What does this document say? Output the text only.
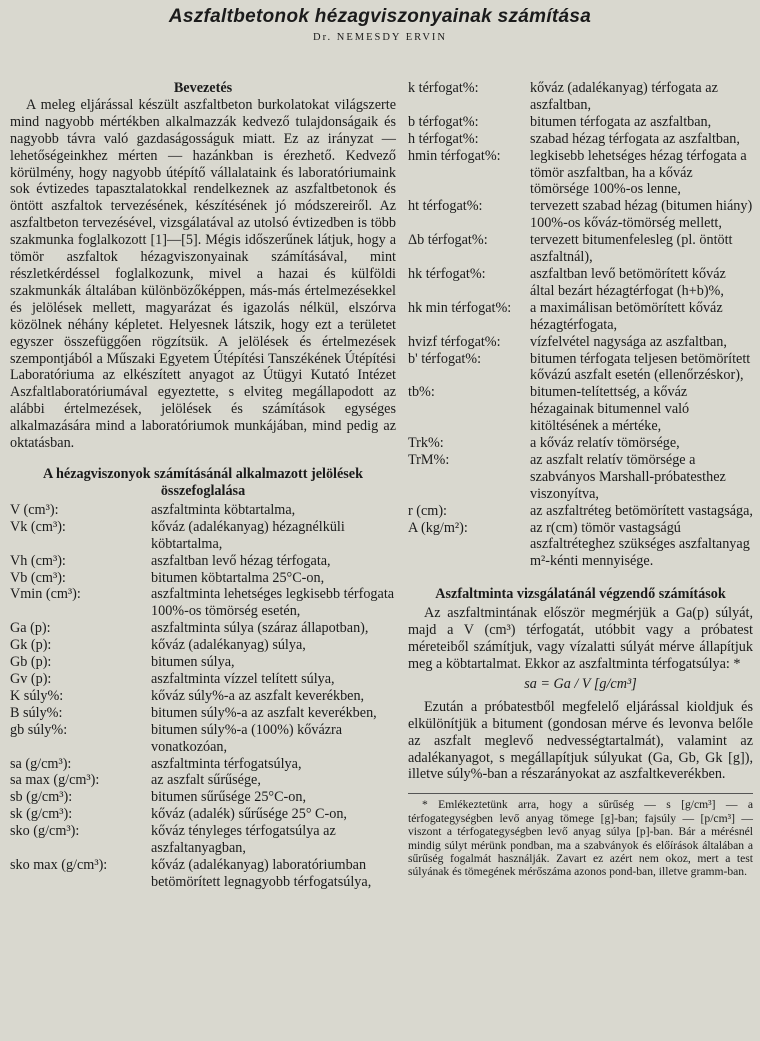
Aszfaltbetonok hézagviszonyainak számítása
Dr. NEMESDY ERVIN
Bevezetés

A meleg eljárással készült aszfaltbeton burkolatokat világszerte mind nagyobb mértékben alkalmazzák kedvező tulajdonságaik és nagyobb távra való gazdaságosságuk miatt. Ez az irányzat — lehetőségeinkhez mérten — hazánkban is érezhető. Kedvező körülmény, hogy nagyobb útépítő vállalataink és laboratóriumaink sok évtizedes tapasztalatokkal rendelkeznek az aszfaltbetonok és öntött aszfaltok tervezésének, készítésének jó módszereiről. Az aszfaltbeton tervezésével, vizsgálatával az utolsó évtizedben is több szakmunka foglalkozott [1]—[5]. Mégis időszerűnek látjuk, hogy a tömör aszfaltok hézagviszonyainak számításával, mint részletkérdéssel foglalkozunk, mivel a hazai és külföldi szakmunkák általában különbözőképpen, más-más értelmezésekkel és jelölések mellett, magyarázat és igazolás nélkül, elszórva közölnek néhány képletet. Helyesnek látszik, hogy ezt a területet egyszer összefüggően rögzítsük. A jelölések és értelmezések szempontjából a Műszaki Egyetem Útépítési Tanszékének Útépítési Laboratóriuma az elkészített anyagot az Útügyi Kutató Intézet Aszfaltlaboratóriumával egyeztette, s elviteg megállapodott az alábbi értelmezések, jelölések és számítások egységes alkalmazására mind a laboratóriumok munkájában, mind pedig az oktatásban.

A hézagviszonyok számításánál alkalmazott jelölések összefoglalása
V (cm³):	aszfaltminta köbtartalma,
Vk (cm³):	kőváz (adalékanyag) hézagnélküli köbtartalma,
Vh (cm³):	aszfaltban levő hézag térfogata,
Vb (cm³):	bitumen köbtartalma 25°C-on,
Vmin (cm³):	aszfaltminta lehetséges legkisebb térfogata 100%-os tömörség esetén,
Ga (p):	aszfaltminta súlya (száraz állapotban),
Gk (p):	kőváz (adalékanyag) súlya,
Gb (p):	bitumen súlya,
Gv (p):	aszfaltminta vízzel telített súlya,
K súly%:	kőváz súly%-a az aszfalt keverékben,
B súly%:	bitumen súly%-a az aszfalt keverékben,
gb súly%:	bitumen súly%-a (100%) kővázra vonatkozóan,
sa (g/cm³):	aszfaltminta térfogatsúlya,
sa max (g/cm³):	az aszfalt sűrűsége,
sb (g/cm³):	bitumen sűrűsége 25°C-on,
sk (g/cm³):	kőváz (adalék) sűrűsége 25° C-on,
sko (g/cm³):	kőváz tényleges térfogatsúlya az aszfaltanyagban,
sko max (g/cm³):	kőváz (adalékanyag) laboratóriumban betömörített legnagyobb térfogatsúlya,
k térfogat%:	kőváz (adalékanyag) térfogata az aszfaltban,
b térfogat%:	bitumen térfogata az aszfaltban,
h térfogat%:	szabad hézag térfogata az aszfaltban,
hmin térfogat%:	legkisebb lehetséges hézag térfogata a tömör aszfaltban, ha a kőváz tömörsége 100%-os lenne,
ht térfogat%:	tervezett szabad hézag (bitumen hiány) 100%-os kőváz-tömörség mellett,
Δb térfogat%:	tervezett bitumenfelesleg (pl. öntött aszfaltnál),
hk térfogat%:	aszfaltban levő betömörített kőváz által bezárt hézagtérfogat (h+b)%,
hk min térfogat%:	a maximálisan betömörített kőváz hézagtérfogata,
hvizf térfogat%:	vízfelvétel nagysága az aszfaltban,
b' térfogat%:	bitumen térfogata teljesen betömörített kővázú aszfalt esetén (ellenőrzéskor),
tb%:	bitumen-telítettség, a kőváz hézagainak bitumennel való kitöltésének a mértéke,
Trk%:	a kőváz relatív tömörsége,
TrM%:	az aszfalt relatív tömörsége a szabványos Marshall-próbatesthez viszonyítva,
r (cm):	az aszfaltréteg betömörített vastagsága,
A (kg/m²):	az r(cm) tömör vastagságú aszfaltréteghez szükséges aszfaltanyag m²-kénti mennyisége.
Aszfaltminta vizsgálatánál végzendő számítások

Az aszfaltmintának először megmérjük a Ga(p) súlyát, majd a V (cm³) térfogatát, utóbbit vagy a próbatest méreteiből számítjuk, vagy vízalatti súlyát mérve állapítjuk meg a köbtartalmat. Ekkor az aszfaltminta térfogatsúlya: *

sa = Ga / V [g/cm³]

Ezután a próbatestből megfelelő eljárással kioldjuk és elkülönítjük a bitument (gondosan mérve és levonva belőle az aszfalt meglevő nedvességtartalmát), valamint az adalékanyagot, s megállapítjuk súlyukat (Ga, Gb, Gk [g]), illetve súly%-ban a részarányokat az aszfaltkeverékben.

* Emlékeztetünk arra, hogy a sűrűség — s [g/cm³] — a térfogategységben levő anyag tömege [g]-ban; fajsúly — [p/cm³] — viszont a térfogategységben levő anyag súlya [p]-ban. Bár a mérésnél mindig súlyt mérünk pondban, ma a szabványok és előírások általában a sűrűség fogalmát használják. Zavart ez azért nem okoz, mert a test súlyának és tömegének mérőszáma azonos pond-ban, illetve gramm-ban.
